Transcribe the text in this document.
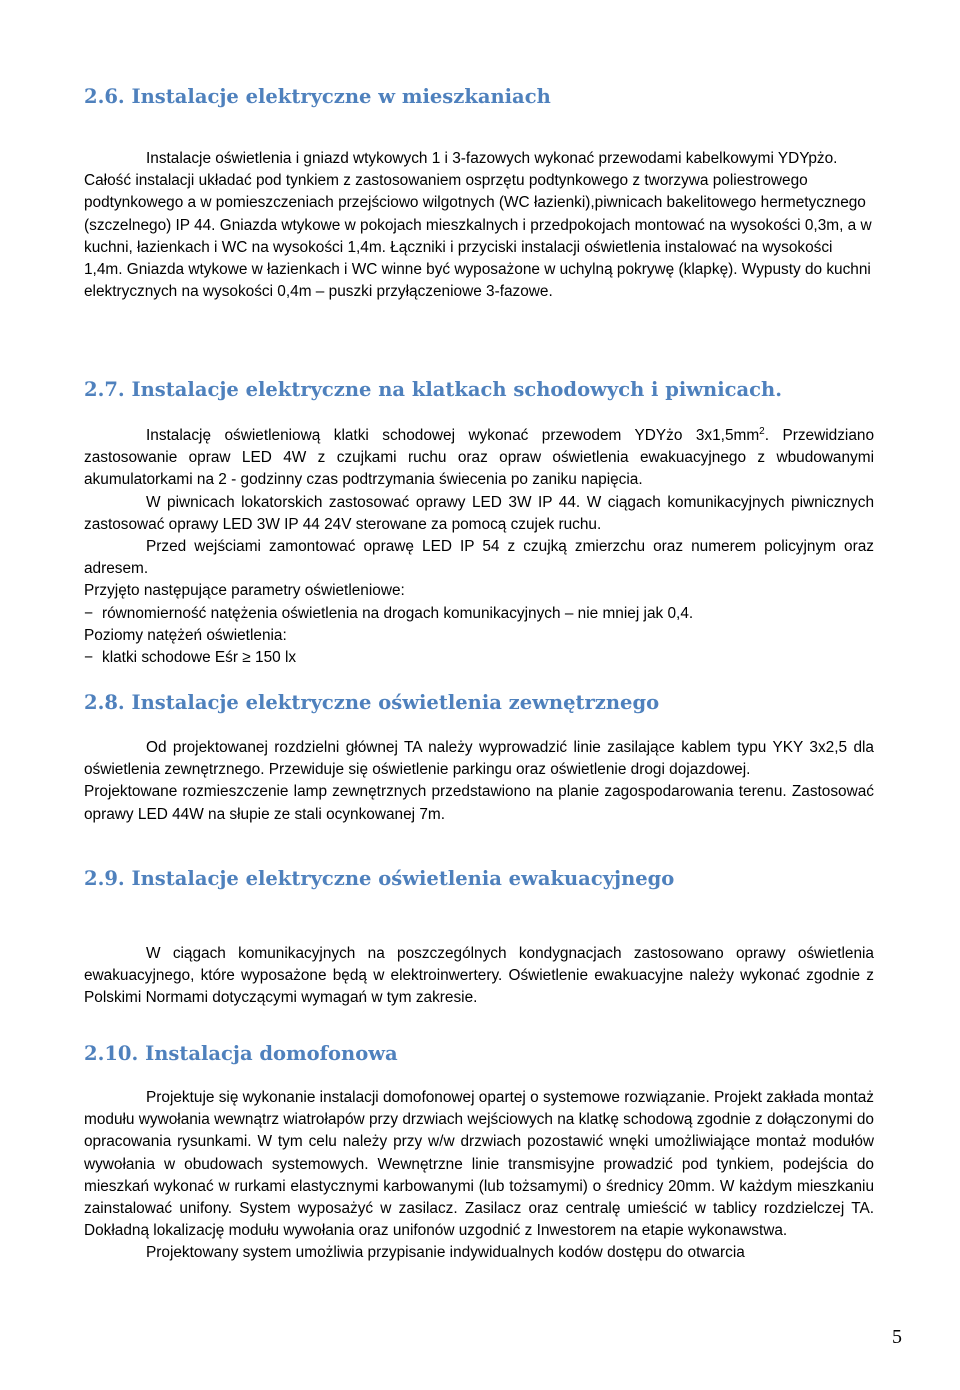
2.6. Instalacje elektryczne w mieszkaniach

Instalacje oświetlenia i gniazd wtykowych 1 i 3-fazowych wykonać przewodami kabelkowymi YDYpżo. Całość instalacji układać pod tynkiem z zastosowaniem osprzętu podtynkowego z tworzywa poliestrowego podtynkowego a w pomieszczeniach przejściowo wilgotnych (WC łazienki),piwnicach bakelitowego hermetycznego (szczelnego) IP 44. Gniazda wtykowe w pokojach mieszkalnych i przedpokojach montować na wysokości 0,3m, a w kuchni, łazienkach i WC na wysokości 1,4m. Łączniki i przyciski instalacji oświetlenia instalować na wysokości 1,4m. Gniazda wtykowe w łazienkach i WC winne być wyposażone w uchylną pokrywę (klapkę). Wypusty do kuchni elektrycznych na wysokości 0,4m – puszki przyłączeniowe 3-fazowe.

2.7. Instalacje elektryczne na klatkach schodowych i piwnicach.

Instalację oświetleniową klatki schodowej wykonać przewodem YDYżo $3x1,5mm^2$. Przewidziano zastosowanie opraw LED 4W z czujkami ruchu oraz opraw oświetlenia ewakuacyjnego z wbudowanymi akumulatorkami na 2 - godzinny czas podtrzymania świecenia po zaniku napięcia.

W piwnicach lokatorskich zastosować oprawy LED 3W IP 44. W ciągach komunikacyjnych piwnicznych zastosować oprawy LED 3W IP 44 24V sterowane za pomocą czujek ruchu.

Przed wejściami zamontować oprawę LED IP 54 z czujką zmierzchu oraz numerem policyjnym oraz adresem.

Przyjęto następujące parametry oświetleniowe:

− równomierność natężenia oświetlenia na drogach komunikacyjnych – nie mniej jak 0,4.

Poziomy natężeń oświetlenia:

− klatki schodowe Eśr ≥ 150 lx
2.8. Instalacje elektryczne oświetlenia zewnętrznego

Od projektowanej rozdzielni głównej TA należy wyprowadzić linie zasilające kablem typu YKY 3x2,5 dla oświetlenia zewnętrznego. Przewiduje się oświetlenie parkingu oraz oświetlenie drogi dojazdowej.

Projektowane rozmieszczenie lamp zewnętrznych przedstawiono na planie zagospodarowania terenu. Zastosować oprawy LED 44W na słupie ze stali ocynkowanej 7m.

2.9. Instalacje elektryczne oświetlenia ewakuacyjnego

W ciągach komunikacyjnych na poszczególnych kondygnacjach zastosowano oprawy oświetlenia ewakuacyjnego, które wyposażone będą w elektroinwertery. Oświetlenie ewakuacyjne należy wykonać zgodnie z Polskimi Normami dotyczącymi wymagań w tym zakresie.

2.10. Instalacja domofonowa

Projektuje się wykonanie instalacji domofonowej opartej o systemowe rozwiązanie. Projekt zakłada montaż modułu wywołania wewnątrz wiatrołapów przy drzwiach wejściowych na klatkę schodową zgodnie z dołączonymi do opracowania rysunkami. W tym celu należy przy w/w drzwiach pozostawić wnęki umożliwiające montaż modułów wywołania w obudowach systemowych. Wewnętrzne linie transmisyjne prowadzić pod tynkiem, podejścia do mieszkań wykonać w rurkami elastycznymi karbowanymi (lub tożsamymi) o średnicy 20mm. W każdym mieszkaniu zainstalować unifony. System wyposażyć w zasilacz. Zasilacz oraz centralę umieścić w tablicy rozdzielczej TA. Dokładną lokalizację modułu wywołania oraz unifonów uzgodnić z Inwestorem na etapie wykonawstwa.

Projektowany system umożliwia przypisanie indywidualnych kodów dostępu do otwarcia

5
